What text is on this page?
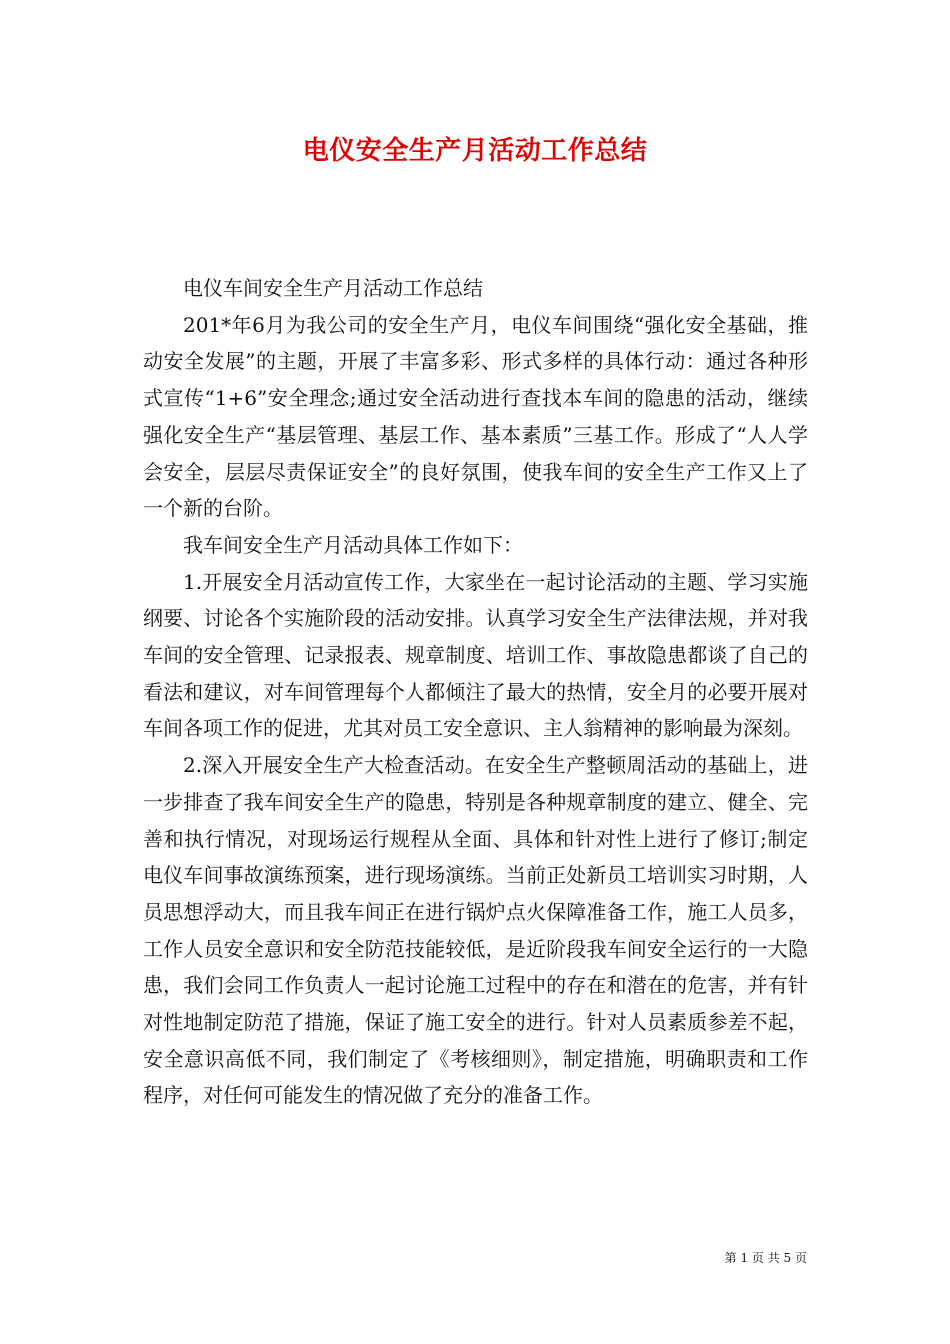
电仪安全生产月活动工作总结

电仪车间安全生产月活动工作总结

201*年6月为我公司的安全生产月，电仪车间围绕“强化安全基础，推动安全发展”的主题，开展了丰富多彩、形式多样的具体行动：通过各种形式宣传“1+6”安全理念;通过安全活动进行查找本车间的隐患的活动，继续强化安全生产“基层管理、基层工作、基本素质”三基工作。形成了“人人学会安全，层层尽责保证安全”的良好氛围，使我车间的安全生产工作又上了一个新的台阶。

我车间安全生产月活动具体工作如下：

1.开展安全月活动宣传工作，大家坐在一起讨论活动的主题、学习实施纲要、讨论各个实施阶段的活动安排。认真学习安全生产法律法规，并对我车间的安全管理、记录报表、规章制度、培训工作、事故隐患都谈了自己的看法和建议，对车间管理每个人都倾注了最大的热情，安全月的必要开展对车间各项工作的促进，尤其对员工安全意识、主人翁精神的影响最为深刻。

2.深入开展安全生产大检查活动。在安全生产整顿周活动的基础上，进一步排查了我车间安全生产的隐患，特别是各种规章制度的建立、健全、完善和执行情况，对现场运行规程从全面、具体和针对性上进行了修订;制定电仪车间事故演练预案，进行现场演练。当前正处新员工培训实习时期，人员思想浮动大，而且我车间正在进行锅炉点火保障准备工作，施工人员多，工作人员安全意识和安全防范技能较低，是近阶段我车间安全运行的一大隐患，我们会同工作负责人一起讨论施工过程中的存在和潜在的危害，并有针对性地制定防范了措施，保证了施工安全的进行。针对人员素质参差不起，安全意识高低不同，我们制定了《考核细则》，制定措施，明确职责和工作程序，对任何可能发生的情况做了充分的准备工作。

第 1 页 共 5 页
